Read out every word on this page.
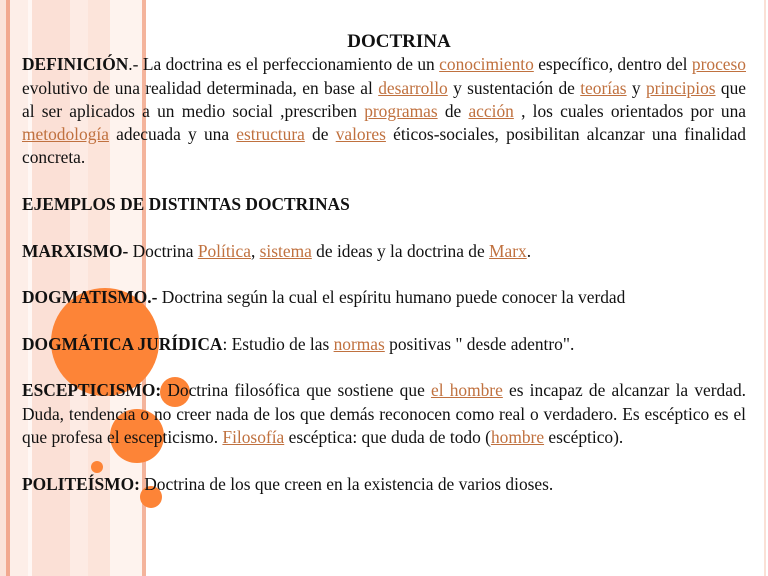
DOCTRINA

DEFINICIÓN.- La doctrina es el perfeccionamiento de un conocimiento específico, dentro del proceso evolutivo de una realidad determinada, en base al desarrollo y sustentación de teorías y principios que al ser aplicados a un medio social ,prescriben programas de acción , los cuales orientados por una metodología adecuada y una estructura de valores éticos-sociales, posibilitan alcanzar una finalidad concreta.

EJEMPLOS DE DISTINTAS DOCTRINAS

MARXISMO- Doctrina Política, sistema de ideas y la doctrina de Marx.

DOGMATISMO.- Doctrina según la cual el espíritu humano puede conocer la verdad

DOGMÁTICA JURÍDICA: Estudio de las normas positivas " desde adentro".

ESCEPTICISMO: Doctrina filosófica que sostiene que el hombre es incapaz de alcanzar la verdad. Duda, tendencia o no creer nada de los que demás reconocen como real o verdadero. Es escéptico es el que profesa el escepticismo. Filosofía escéptica: que duda de todo (hombre escéptico).

POLITEÍSMO: Doctrina de los que creen en la existencia de varios dioses.
